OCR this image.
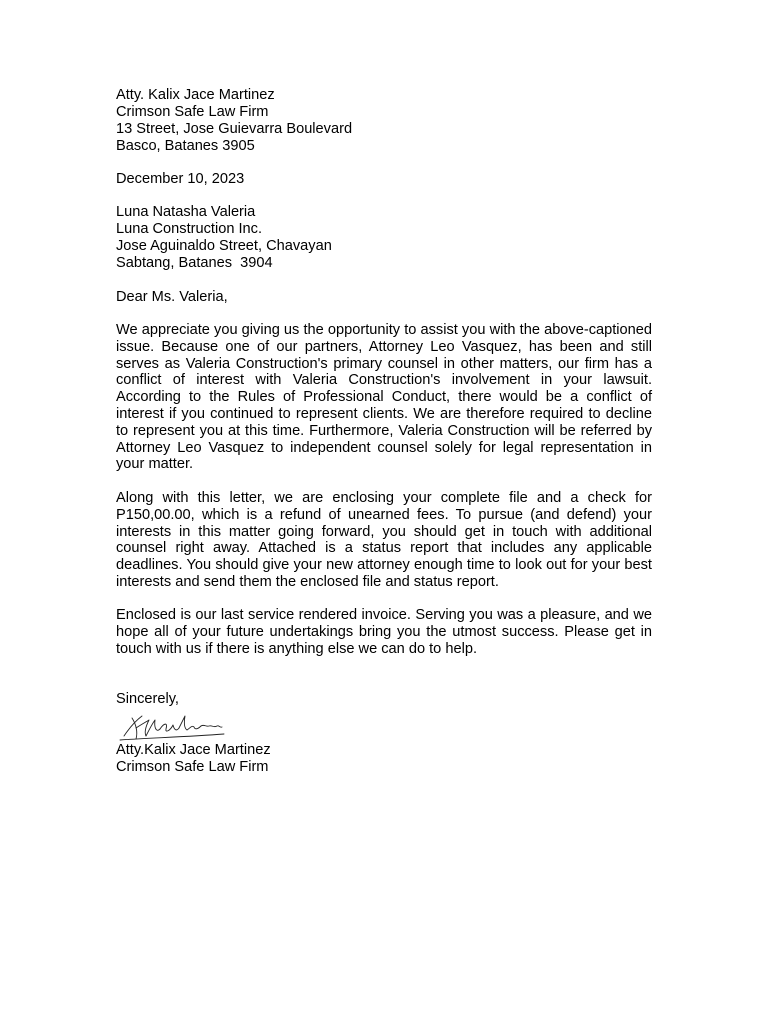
Atty. Kalix Jace Martinez
Crimson Safe Law Firm
13 Street, Jose Guievarra Boulevard
Basco, Batanes 3905
December 10, 2023
Luna Natasha Valeria
Luna Construction Inc.
Jose Aguinaldo Street, Chavayan
Sabtang, Batanes  3904
Dear Ms. Valeria,
We appreciate you giving us the opportunity to assist you with the above-captioned issue. Because one of our partners, Attorney Leo Vasquez, has been and still serves as Valeria Construction's primary counsel in other matters, our firm has a conflict of interest with Valeria Construction's involvement in your lawsuit. According to the Rules of Professional Conduct, there would be a conflict of interest if you continued to represent clients. We are therefore required to decline to represent you at this time. Furthermore, Valeria Construction will be referred by Attorney Leo Vasquez to independent counsel solely for legal representation in your matter.
Along with this letter, we are enclosing your complete file and a check for P150,00.00, which is a refund of unearned fees. To pursue (and defend) your interests in this matter going forward, you should get in touch with additional counsel right away. Attached is a status report that includes any applicable deadlines. You should give your new attorney enough time to look out for your best interests and send them the enclosed file and status report.
Enclosed is our last service rendered invoice. Serving you was a pleasure, and we hope all of your future undertakings bring you the utmost success. Please get in touch with us if there is anything else we can do to help.
Sincerely,
Atty.Kalix Jace Martinez
Crimson Safe Law Firm
